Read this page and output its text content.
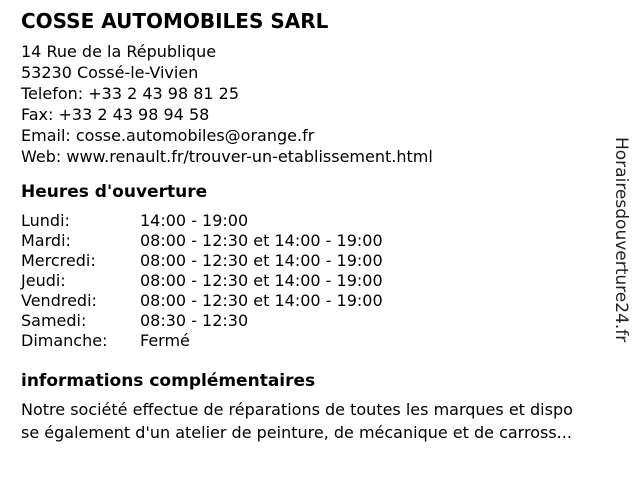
COSSE AUTOMOBILES SARL
14 Rue de la République
53230 Cossé-le-Vivien
Telefon: +33 2 43 98 81 25
Fax: +33 2 43 98 94 58
Email: cosse.automobiles@orange.fr
Web: www.renault.fr/trouver-un-etablissement.html
Heures d'ouverture
Lundi:	14:00 - 19:00
Mardi:	08:00 - 12:30 et 14:00 - 19:00
Mercredi:	08:00 - 12:30 et 14:00 - 19:00
Jeudi:	08:00 - 12:30 et 14:00 - 19:00
Vendredi:	08:00 - 12:30 et 14:00 - 19:00
Samedi:	08:30 - 12:30
Dimanche:	Fermé
informations complémentaires
Notre société effectue de réparations de toutes les marques et dispo
se également d'un atelier de peinture, de mécanique et de carross...
Horairesdouverture24.fr
